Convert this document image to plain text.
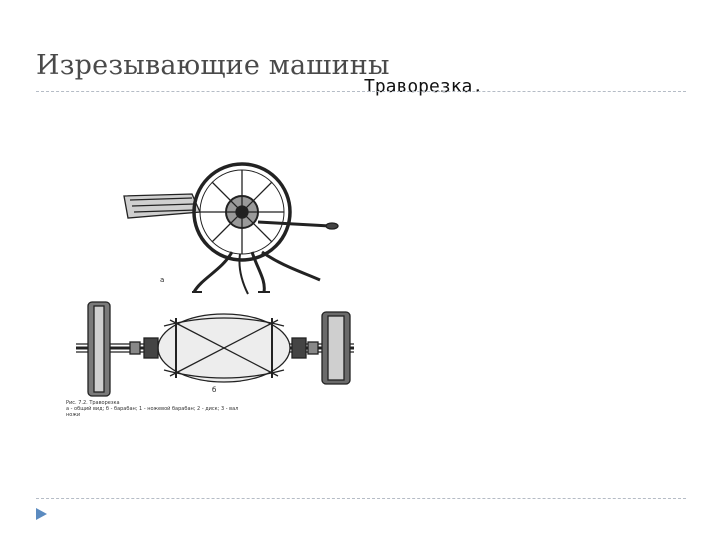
Изрезывающие машины
Траворезка.
а
б
Рис. 7.2. Траворезка
а - общий вид; б - барабан; 1 - ножевой барабан; 2 - диск; 3 - вал
ножи
